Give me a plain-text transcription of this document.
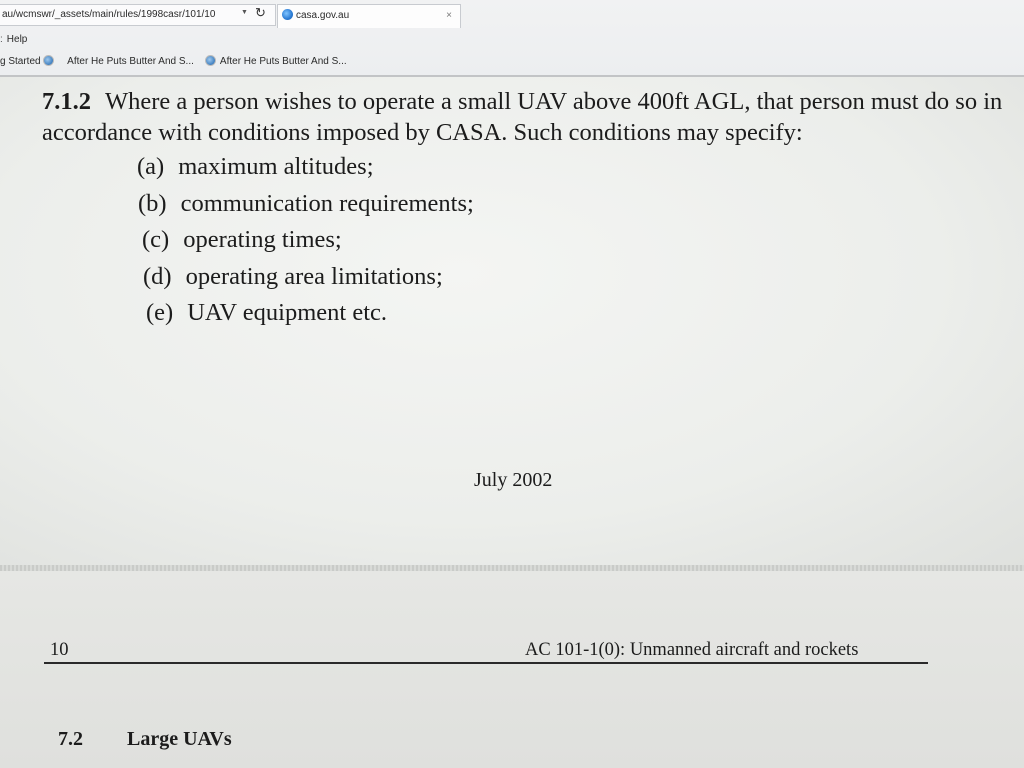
au/wcmswr/_assets/main/rules/1998casr/101/10	▼ ↻	casa.gov.au	×
: Help
g Started	After He Puts Butter And S...	After He Puts Butter And S...
7.1.2 Where a person wishes to operate a small UAV above 400ft AGL, that person must do so in accordance with conditions imposed by CASA. Such conditions may specify:
(a) maximum altitudes;
(b) communication requirements;
(c) operating times;
(d) operating area limitations;
(e) UAV equipment etc.
July 2002
10	AC 101-1(0): Unmanned aircraft and rockets
7.2 Large UAVs
